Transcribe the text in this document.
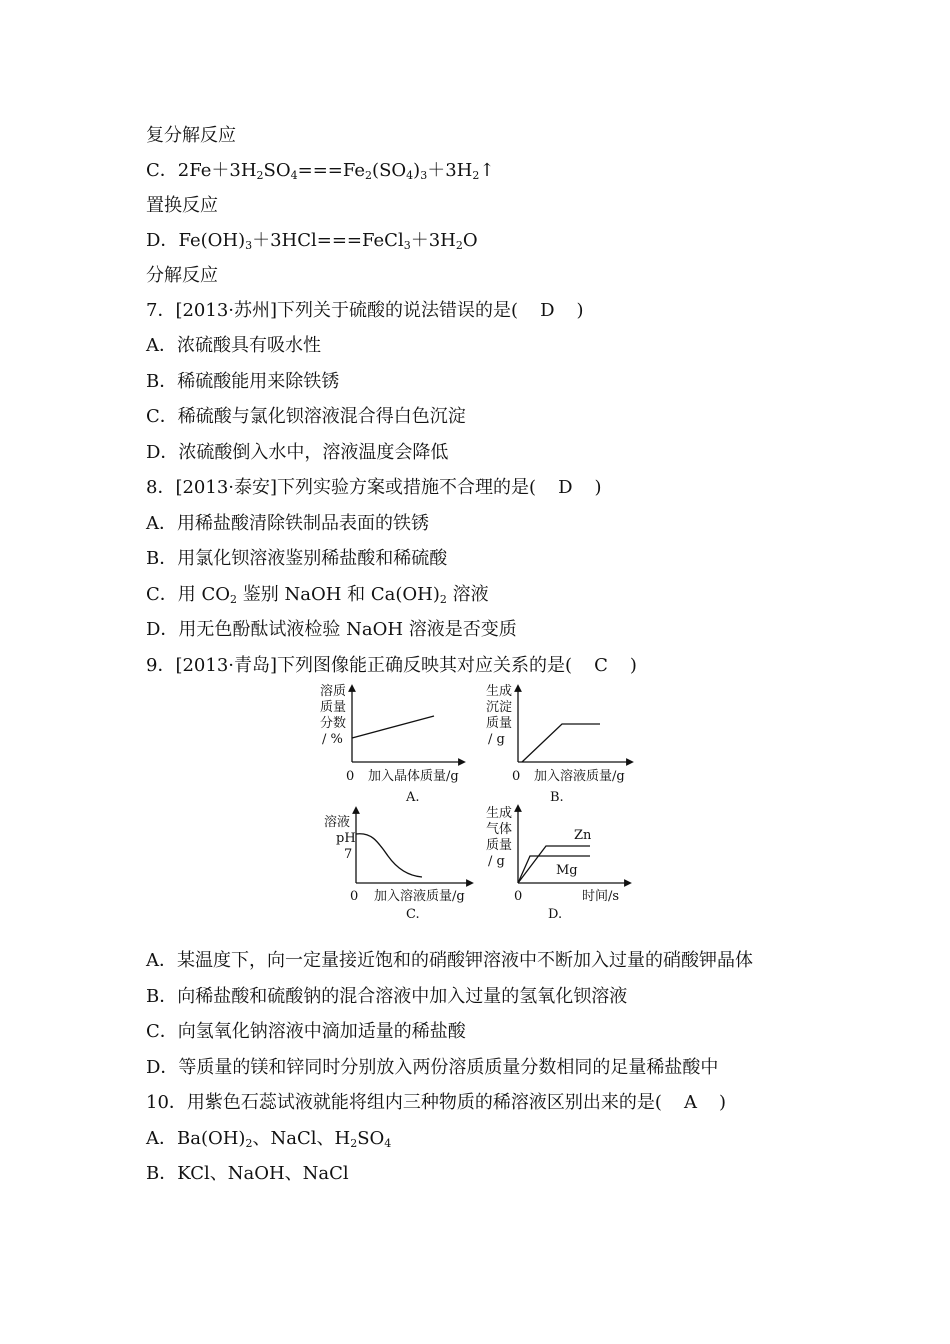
复分解反应
C．$2Fe+3H_2SO_4===Fe_2(SO_4)_3+3H_2↑$
置换反应
D．$Fe(OH)_3+3HCl===FeCl_3+3H_2O$
分解反应
7．[2013·苏州]下列关于硫酸的说法错误的是( D )
A．浓硫酸具有吸水性
B．稀硫酸能用来除铁锈
C．稀硫酸与氯化钡溶液混合得白色沉淀
D．浓硫酸倒入水中，溶液温度会降低
8．[2013·泰安]下列实验方案或措施不合理的是( D )
A．用稀盐酸清除铁制品表面的铁锈
B．用氯化钡溶液鉴别稀盐酸和稀硫酸
C．用 $CO_2$ 鉴别 NaOH 和 $Ca(OH)_2$ 溶液
D．用无色酚酞试液检验 NaOH 溶液是否变质
9．[2013·青岛]下列图像能正确反映其对应关系的是( C )
溶质
质量
分数
/ %
0 加入晶体质量/g
A.
生成
沉淀
质量
/ g
0 加入溶液质量/g
B.
溶液
pH
7
0 加入溶液质量/g
C.
生成
气体
质量
/ g
Zn
Mg
0	时间/s
D.
A．某温度下，向一定量接近饱和的硝酸钾溶液中不断加入过量的硝酸钾晶体
B．向稀盐酸和硫酸钠的混合溶液中加入过量的氢氧化钡溶液
C．向氢氧化钠溶液中滴加适量的稀盐酸
D．等质量的镁和锌同时分别放入两份溶质质量分数相同的足量稀盐酸中
10．用紫色石蕊试液就能将组内三种物质的稀溶液区别出来的是( A )
A．$Ba(OH)_2$、NaCl、$H_2SO_4$
B．KCl、NaOH、NaCl
